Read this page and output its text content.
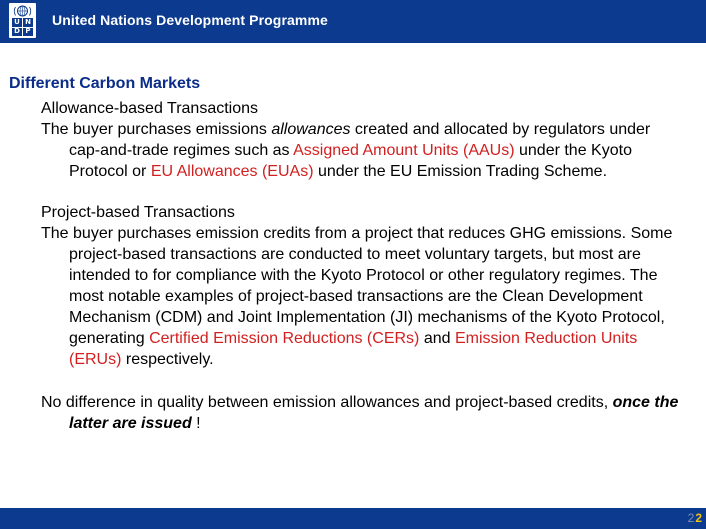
U N
D P
United Nations Development Programme
Different Carbon Markets
Allowance-based Transactions
The buyer purchases emissions allowances created and allocated by regulators under cap-and-trade regimes such as Assigned Amount Units (AAUs) under the Kyoto Protocol or EU Allowances (EUAs) under the EU Emission Trading Scheme.
Project-based Transactions
The buyer purchases emission credits from a project that reduces GHG emissions. Some project-based transactions are conducted to meet voluntary targets, but most are intended to for compliance with the Kyoto Protocol or other regulatory regimes. The most notable examples of project-based transactions are the Clean Development Mechanism (CDM) and Joint Implementation (JI) mechanisms of the Kyoto Protocol, generating Certified Emission Reductions (CERs) and Emission Reduction Units (ERUs) respectively.
No difference in quality between emission allowances and project-based credits, once the latter are issued !
22
